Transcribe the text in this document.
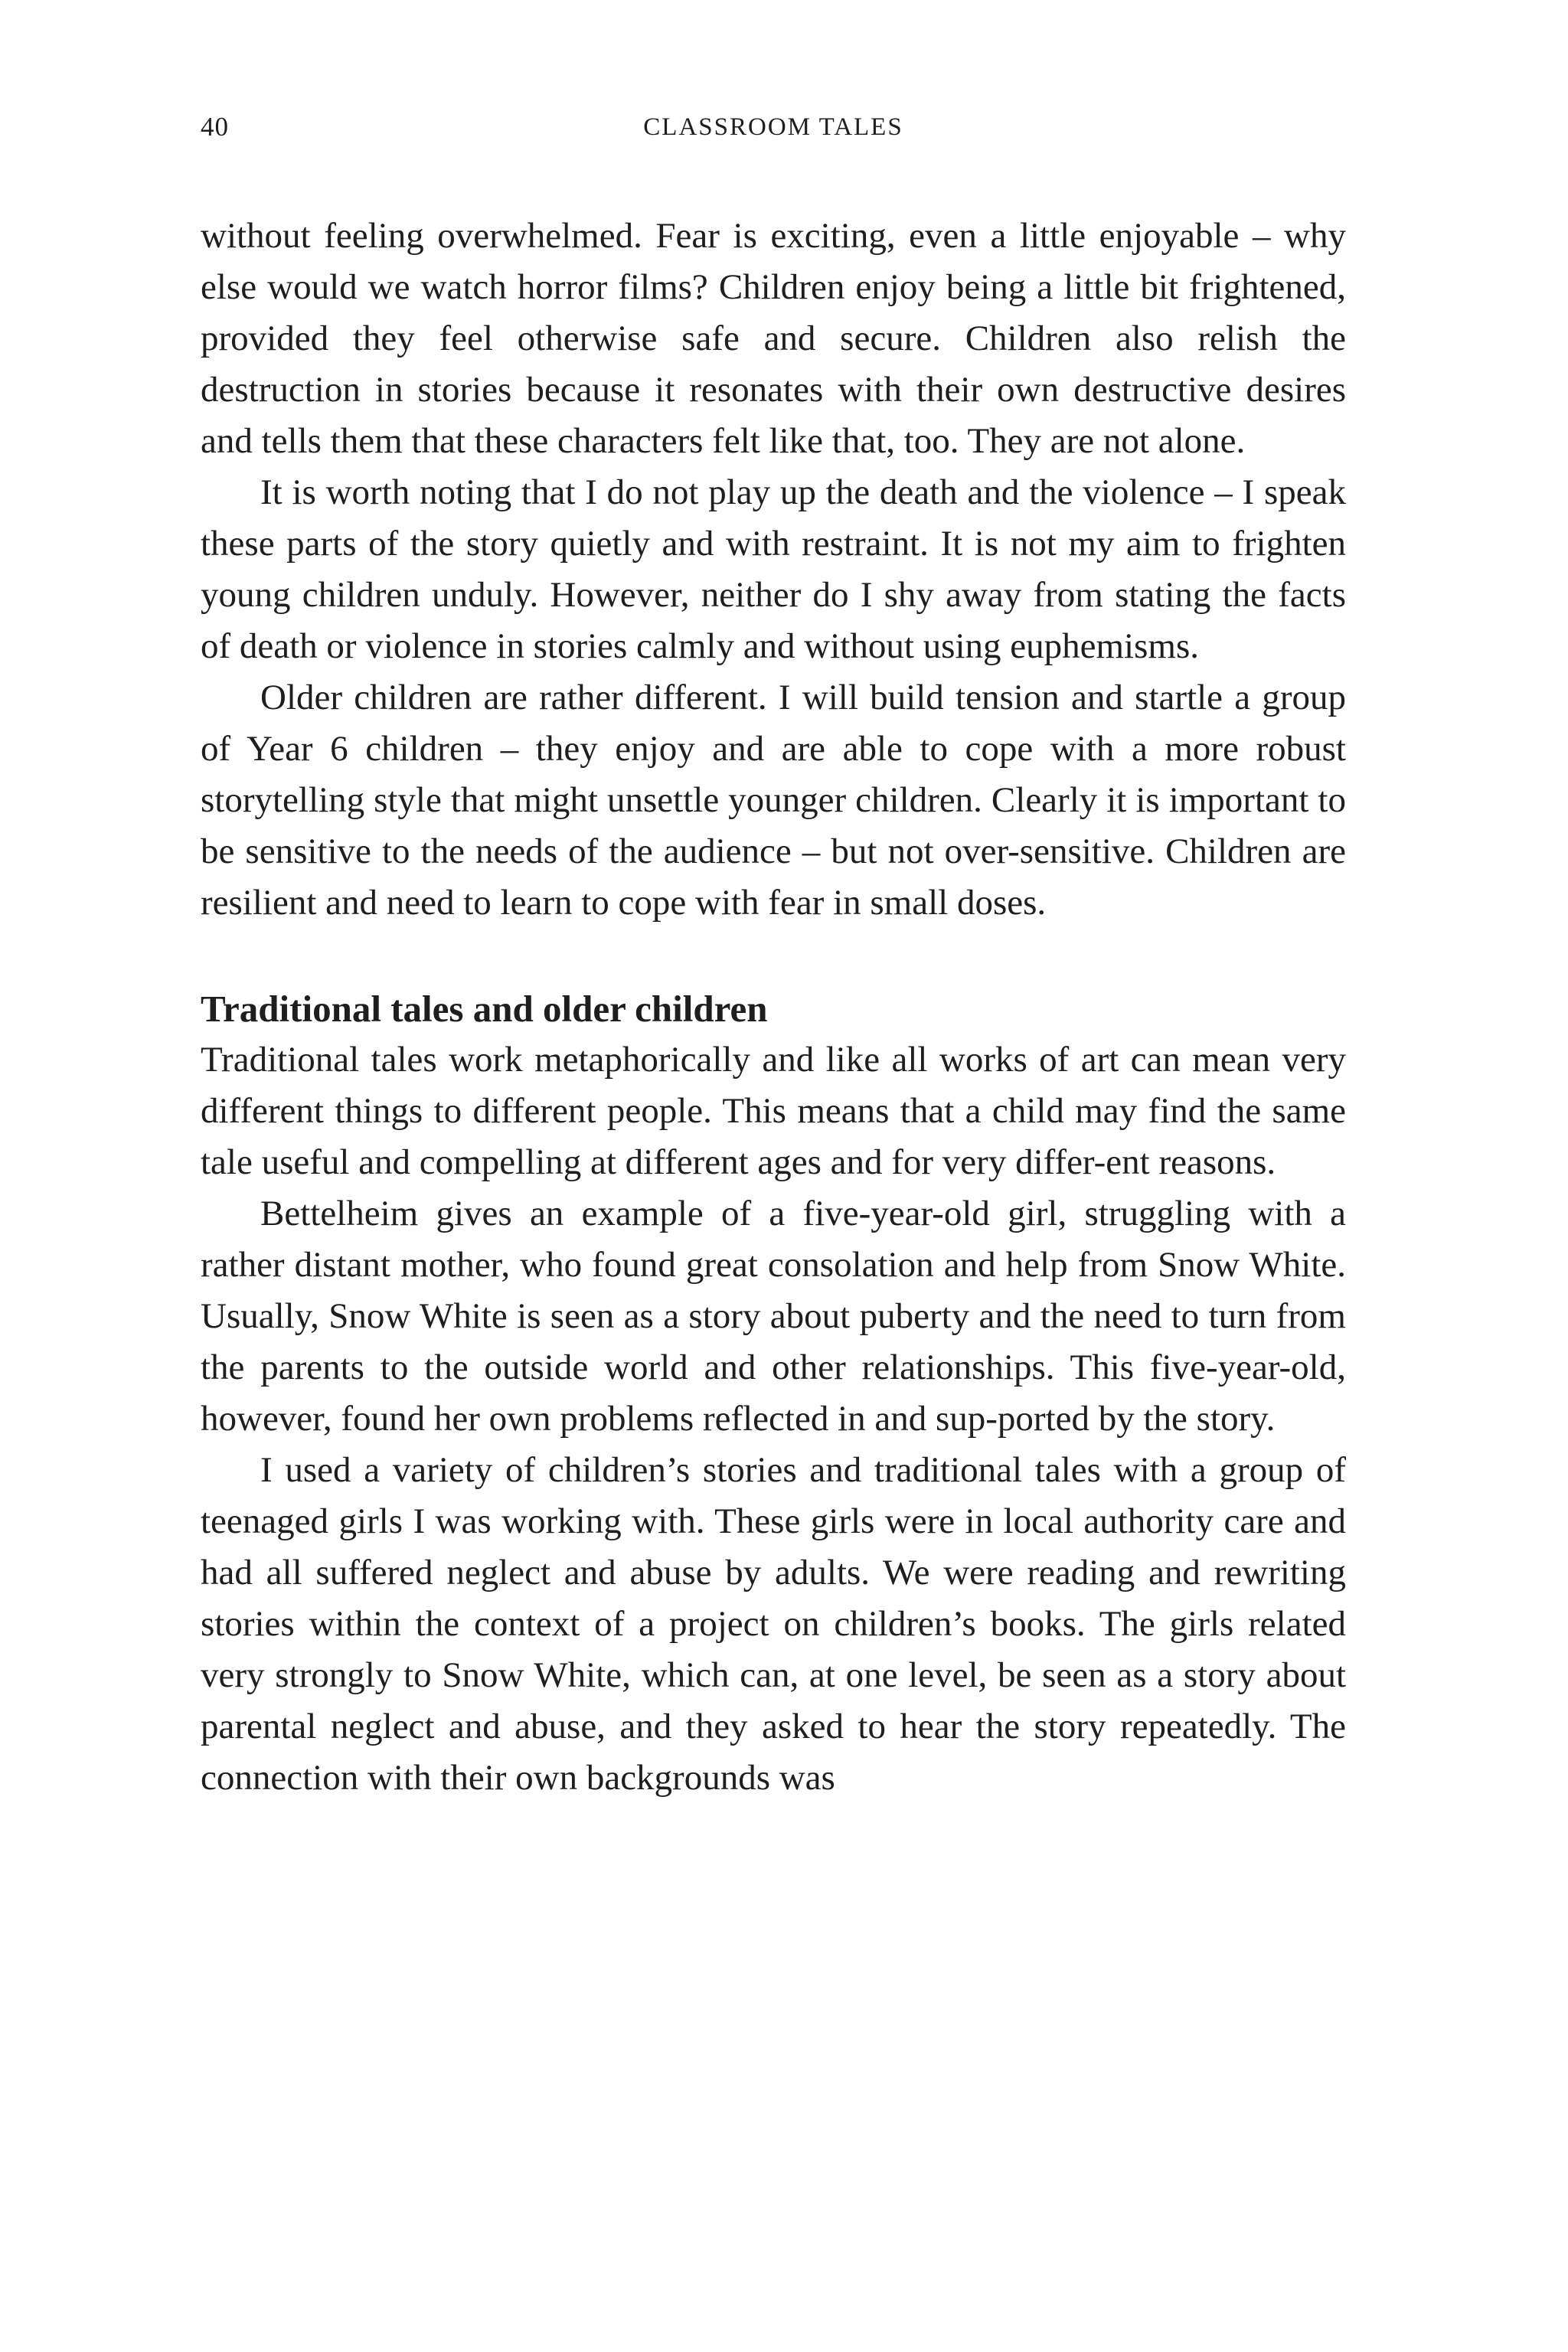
40	CLASSROOM TALES

without feeling overwhelmed. Fear is exciting, even a little enjoyable – why else would we watch horror films? Children enjoy being a little bit frightened, provided they feel otherwise safe and secure. Children also relish the destruction in stories because it resonates with their own destructive desires and tells them that these characters felt like that, too. They are not alone.

It is worth noting that I do not play up the death and the violence – I speak these parts of the story quietly and with restraint. It is not my aim to frighten young children unduly. However, neither do I shy away from stating the facts of death or violence in stories calmly and without using euphemisms.

Older children are rather different. I will build tension and startle a group of Year 6 children – they enjoy and are able to cope with a more robust storytelling style that might unsettle younger children. Clearly it is important to be sensitive to the needs of the audience – but not over-sensitive. Children are resilient and need to learn to cope with fear in small doses.

Traditional tales and older children

Traditional tales work metaphorically and like all works of art can mean very different things to different people. This means that a child may find the same tale useful and compelling at different ages and for very differ-ent reasons.

Bettelheim gives an example of a five-year-old girl, struggling with a rather distant mother, who found great consolation and help from Snow White. Usually, Snow White is seen as a story about puberty and the need to turn from the parents to the outside world and other relationships. This five-year-old, however, found her own problems reflected in and sup-ported by the story.

I used a variety of children’s stories and traditional tales with a group of teenaged girls I was working with. These girls were in local authority care and had all suffered neglect and abuse by adults. We were reading and rewriting stories within the context of a project on children’s books. The girls related very strongly to Snow White, which can, at one level, be seen as a story about parental neglect and abuse, and they asked to hear the story repeatedly. The connection with their own backgrounds was
